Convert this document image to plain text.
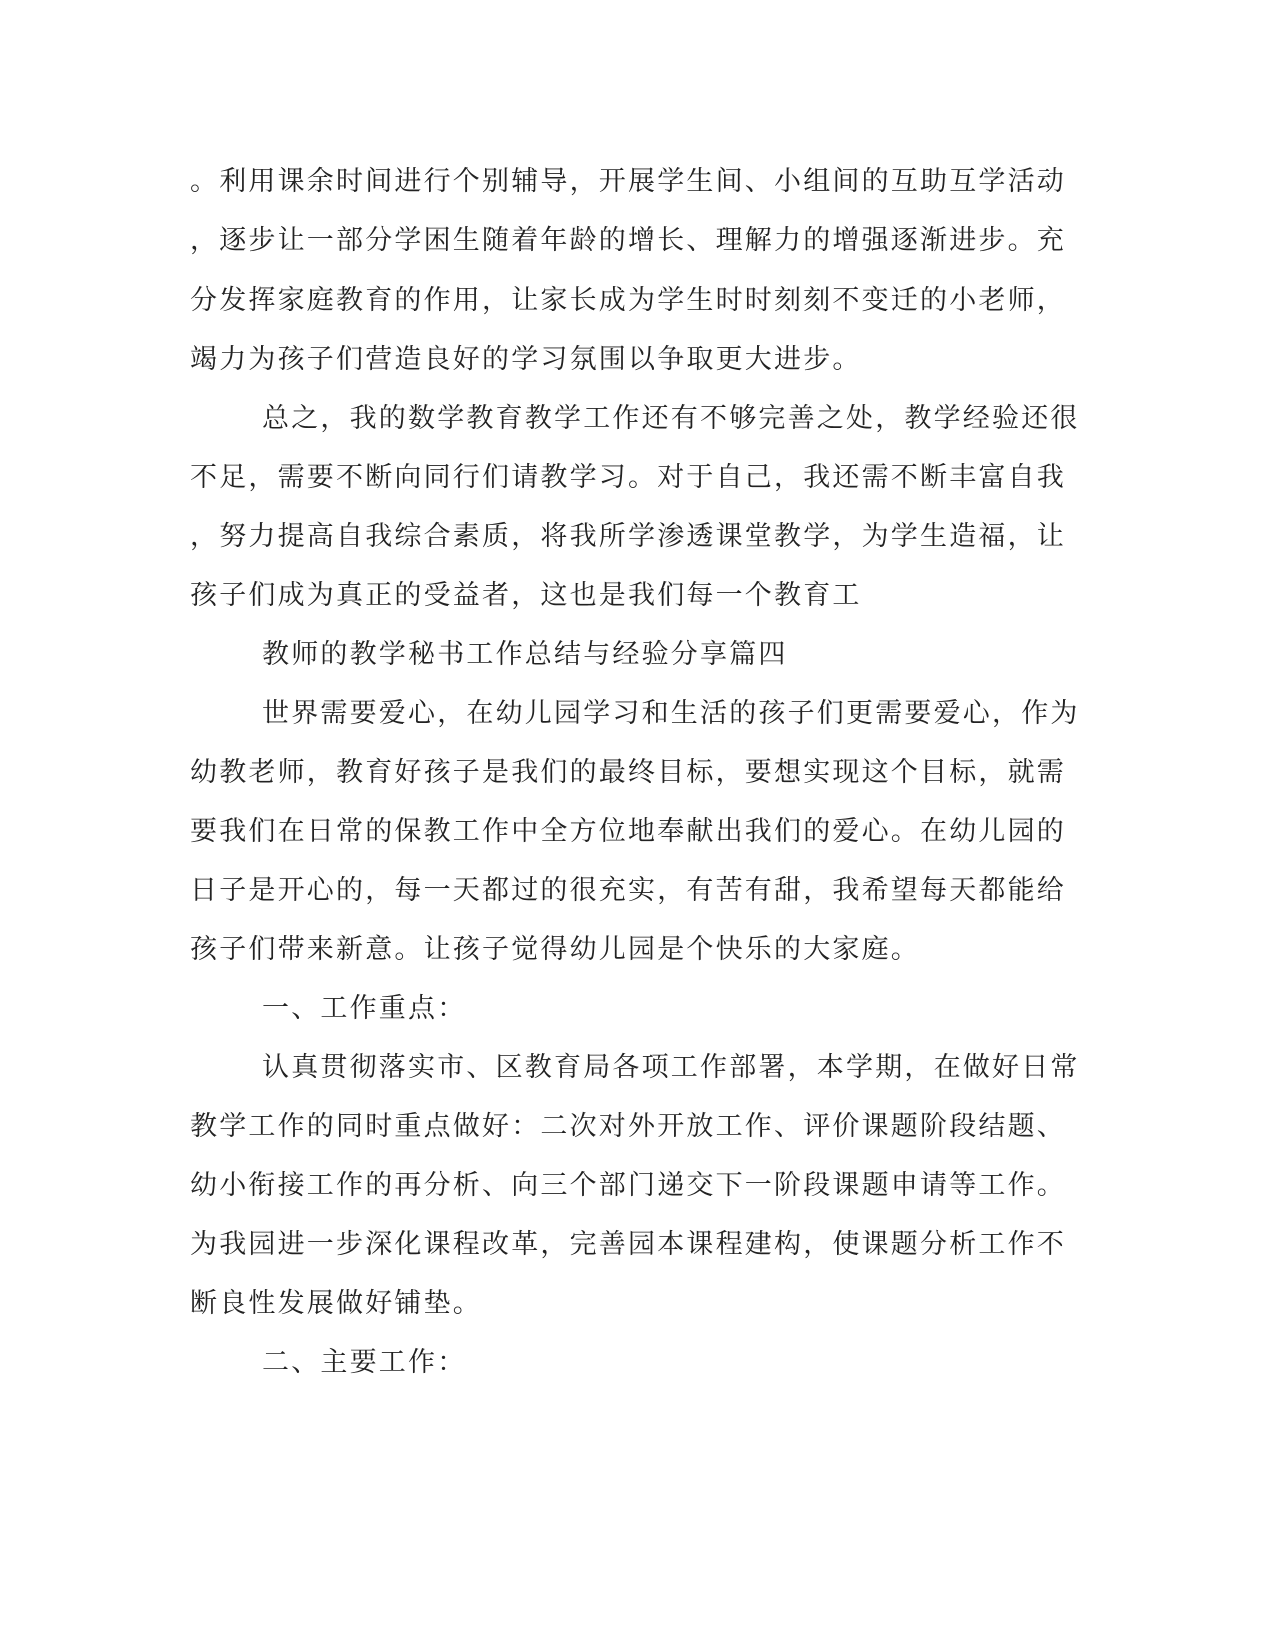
。利用课余时间进行个别辅导，开展学生间、小组间的互助互学活动
，逐步让一部分学困生随着年龄的增长、理解力的增强逐渐进步。充
分发挥家庭教育的作用，让家长成为学生时时刻刻不变迁的小老师，
竭力为孩子们营造良好的学习氛围以争取更大进步。
总之，我的数学教育教学工作还有不够完善之处，教学经验还很
不足，需要不断向同行们请教学习。对于自己，我还需不断丰富自我
，努力提高自我综合素质，将我所学渗透课堂教学，为学生造福，让
孩子们成为真正的受益者，这也是我们每一个教育工
教师的教学秘书工作总结与经验分享篇四
世界需要爱心，在幼儿园学习和生活的孩子们更需要爱心，作为
幼教老师，教育好孩子是我们的最终目标，要想实现这个目标，就需
要我们在日常的保教工作中全方位地奉献出我们的爱心。在幼儿园的
日子是开心的，每一天都过的很充实，有苦有甜，我希望每天都能给
孩子们带来新意。让孩子觉得幼儿园是个快乐的大家庭。
一、工作重点：
认真贯彻落实市、区教育局各项工作部署，本学期，在做好日常
教学工作的同时重点做好：二次对外开放工作、评价课题阶段结题、
幼小衔接工作的再分析、向三个部门递交下一阶段课题申请等工作。
为我园进一步深化课程改革，完善园本课程建构，使课题分析工作不
断良性发展做好铺垫。
二、主要工作：
